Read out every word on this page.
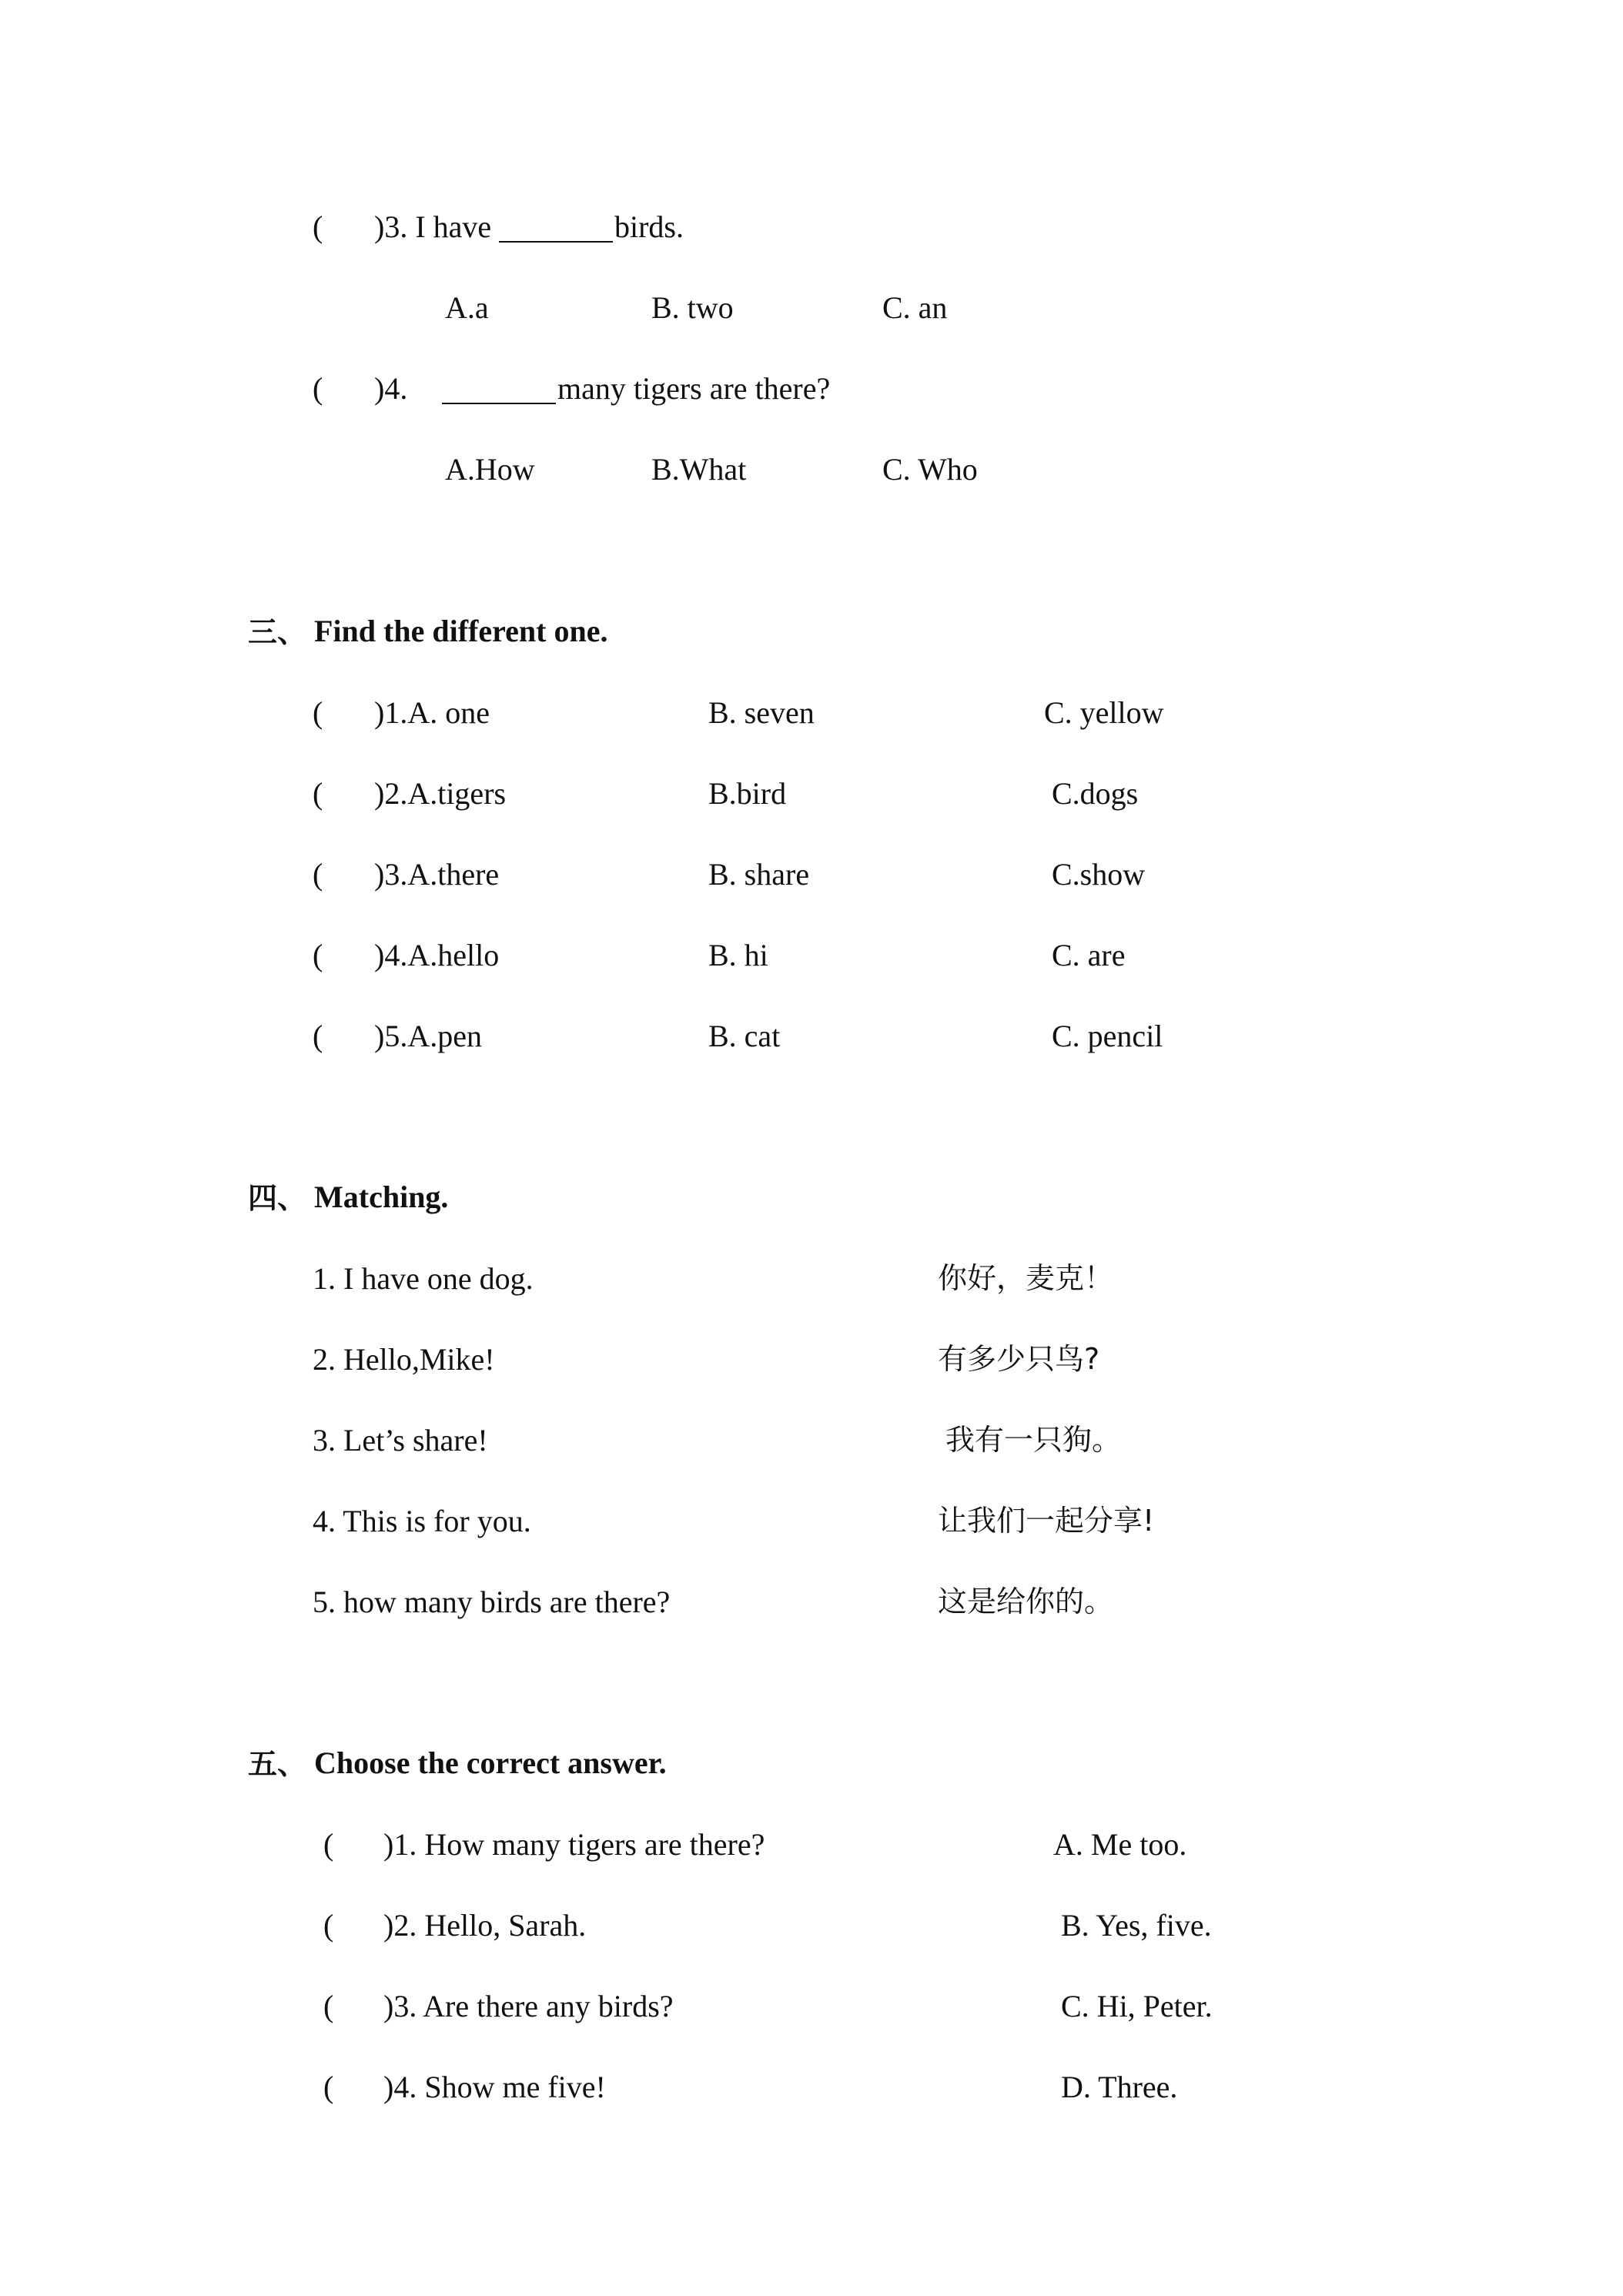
( )3. I have	birds.
A.a	B. two	C. an
( )4.	many tigers are there?
A.How	B.What	C. Who
三、 Find the different one.
( )1.A. one	B. seven	C. yellow
( )2.A.tigers	B.bird	C.dogs
( )3.A.there	B. share	C.show
( )4.A.hello	B. hi	C. are
( )5.A.pen	B. cat	C. pencil
四、 Matching.
1. I have one dog.	你好，麦克！
2. Hello,Mike!	有多少只鸟?
3. Let’s share!	我有一只狗。
4. This is for you.	让我们一起分享!
5. how many birds are there?	这是给你的。
五、 Choose the correct answer.
( )1. How many tigers are there?	A. Me too.
( )2. Hello, Sarah.	B. Yes, five.
( )3. Are there any birds?	C. Hi, Peter.
( )4. Show me five!	D. Three.
